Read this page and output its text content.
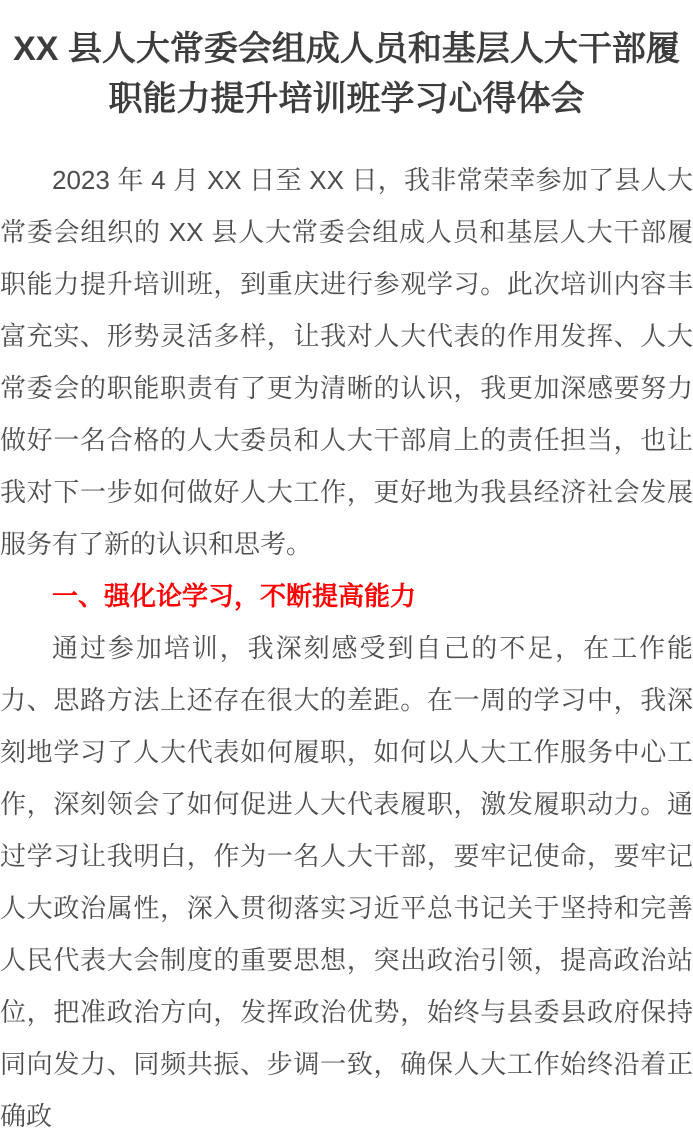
XX 县人大常委会组成人员和基层人大干部履职能力提升培训班学习心得体会

2023 年 4 月 XX 日至 XX 日，我非常荣幸参加了县人大常委会组织的 XX 县人大常委会组成人员和基层人大干部履职能力提升培训班，到重庆进行参观学习。此次培训内容丰富充实、形势灵活多样，让我对人大代表的作用发挥、人大常委会的职能职责有了更为清晰的认识，我更加深感要努力做好一名合格的人大委员和人大干部肩上的责任担当，也让我对下一步如何做好人大工作，更好地为我县经济社会发展服务有了新的认识和思考。

一、强化论学习，不断提高能力

通过参加培训，我深刻感受到自己的不足，在工作能力、思路方法上还存在很大的差距。在一周的学习中，我深刻地学习了人大代表如何履职，如何以人大工作服务中心工作，深刻领会了如何促进人大代表履职，激发履职动力。通过学习让我明白，作为一名人大干部，要牢记使命，要牢记人大政治属性，深入贯彻落实习近平总书记关于坚持和完善人民代表大会制度的重要思想，突出政治引领，提高政治站位，把准政治方向，发挥政治优势，始终与县委县政府保持同向发力、同频共振、步调一致，确保人大工作始终沿着正确政
